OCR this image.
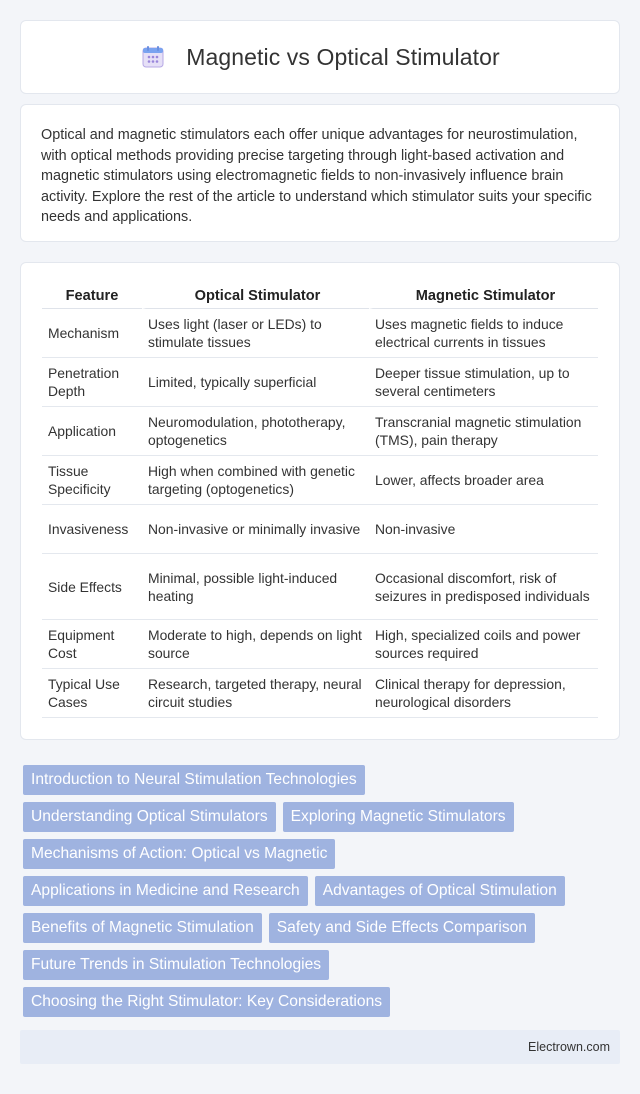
Magnetic vs Optical Stimulator

Optical and magnetic stimulators each offer unique advantages for neurostimulation, with optical methods providing precise targeting through light-based activation and magnetic stimulators using electromagnetic fields to non-invasively influence brain activity. Explore the rest of the article to understand which stimulator suits your specific needs and applications.

Feature	Optical Stimulator	Magnetic Stimulator
Mechanism	Uses light (laser or LEDs) to stimulate tissues	Uses magnetic fields to induce electrical currents in tissues
Penetration Depth	Limited, typically superficial	Deeper tissue stimulation, up to several centimeters
Application	Neuromodulation, phototherapy, optogenetics	Transcranial magnetic stimulation (TMS), pain therapy
Tissue Specificity	High when combined with genetic targeting (optogenetics)	Lower, affects broader area
Invasiveness	Non-invasive or minimally invasive	Non-invasive
Side Effects	Minimal, possible light-induced heating	Occasional discomfort, risk of seizures in predisposed individuals
Equipment Cost	Moderate to high, depends on light source	High, specialized coils and power sources required
Typical Use Cases	Research, targeted therapy, neural circuit studies	Clinical therapy for depression, neurological disorders
Introduction to Neural Stimulation Technologies
Understanding Optical Stimulators	Exploring Magnetic Stimulators
Mechanisms of Action: Optical vs Magnetic
Applications in Medicine and Research	Advantages of Optical Stimulation
Benefits of Magnetic Stimulation	Safety and Side Effects Comparison
Future Trends in Stimulation Technologies
Choosing the Right Stimulator: Key Considerations
Electrown.com
